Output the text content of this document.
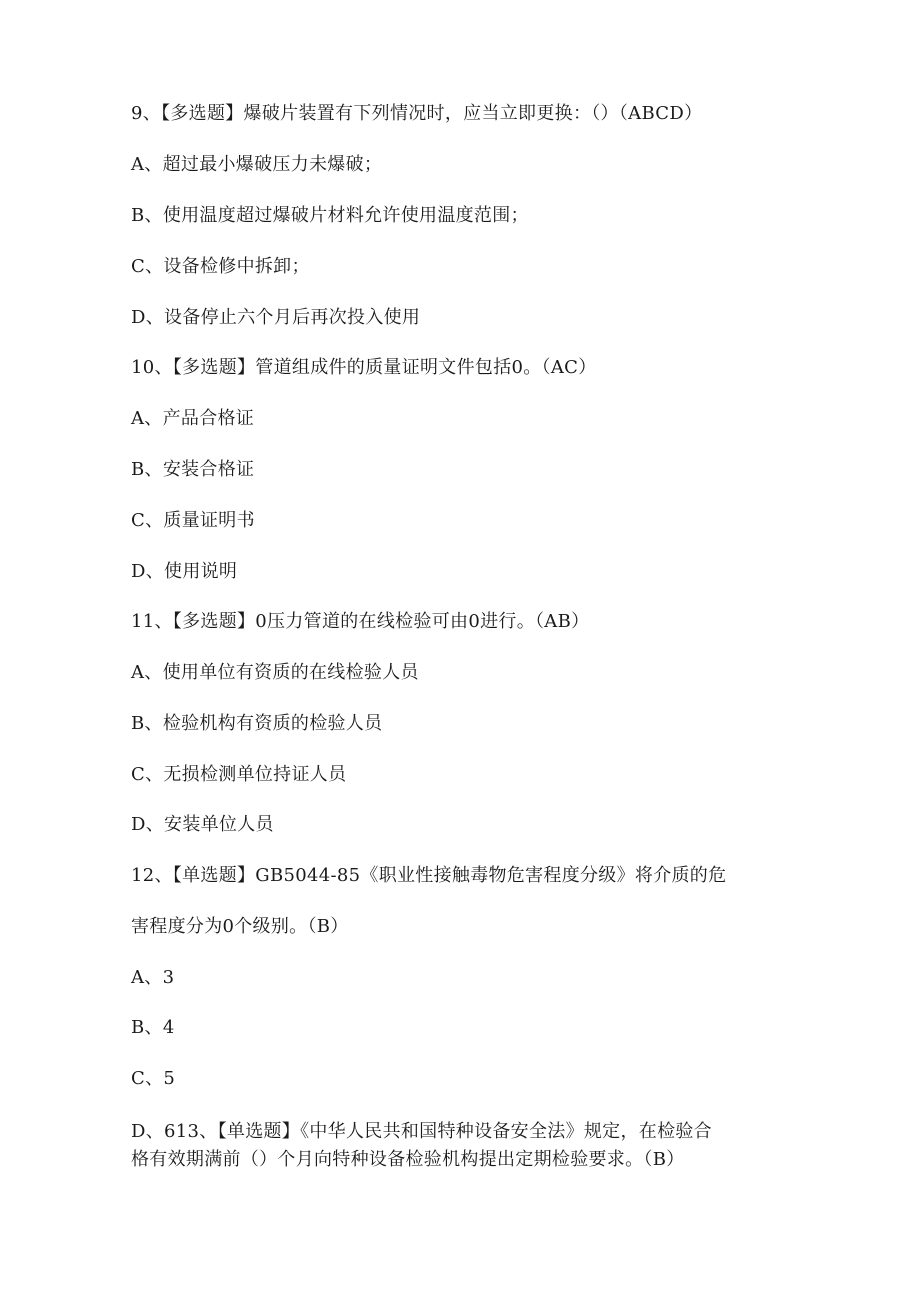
9、【多选题】爆破片装置有下列情况时，应当立即更换：（）（ABCD）
A、超过最小爆破压力未爆破；
B、使用温度超过爆破片材料允许使用温度范围；
C、设备检修中拆卸；
D、设备停止六个月后再次投入使用
10、【多选题】管道组成件的质量证明文件包括0。（AC）
A、产品合格证
B、安装合格证
C、质量证明书
D、使用说明
11、【多选题】0压力管道的在线检验可由0进行。（AB）
A、使用单位有资质的在线检验人员
B、检验机构有资质的检验人员
C、无损检测单位持证人员
D、安装单位人员
12、【单选题】GB5044-85《职业性接触毒物危害程度分级》将介质的危
害程度分为0个级别。（B）
A、3
B、4
C、5
D、613、【单选题】《中华人民共和国特种设备安全法》规定，在检验合
格有效期满前（）个月向特种设备检验机构提出定期检验要求。（B）
